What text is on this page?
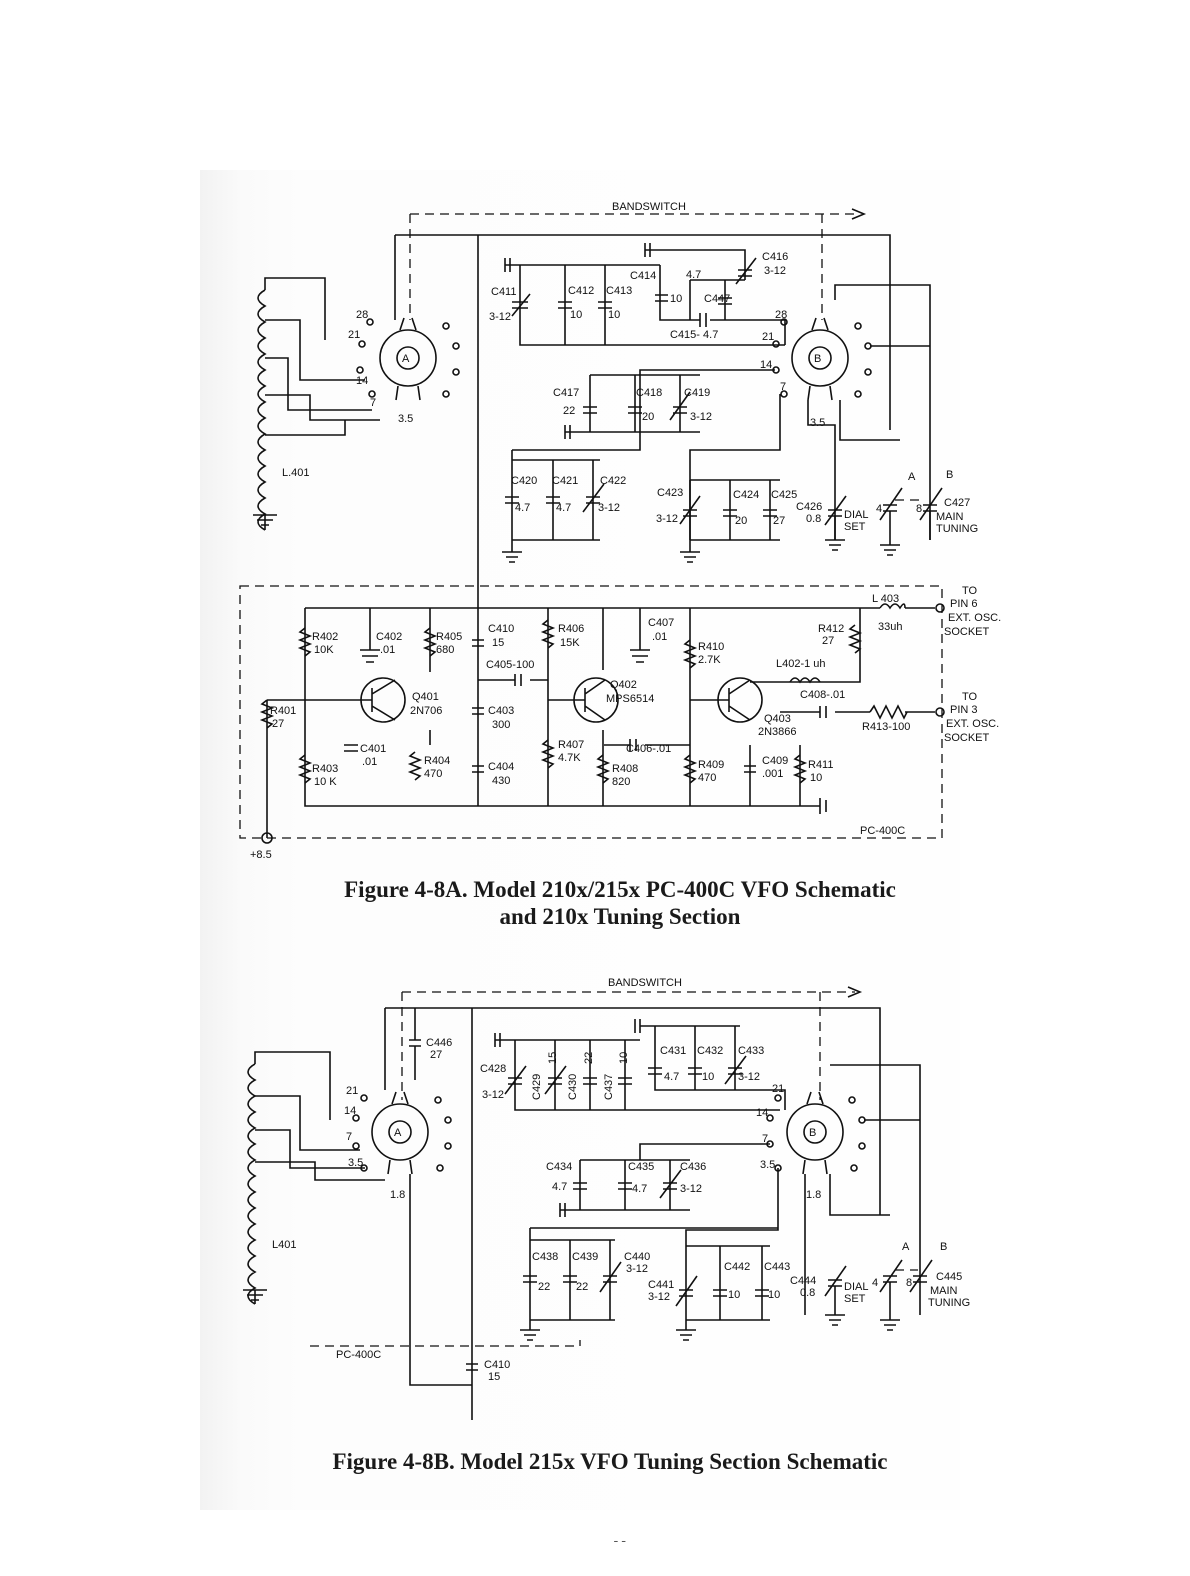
BANDSWITCH
L.401
A
28
21
14
7
3.5
C411
3-12
C412
10
C413
10
C414
10
C416
3-12
C447
4.7
C415- 4.7
B
28
21
14
7
3.5
C417
22
C418
20
C419
3-12
C420
4.7
C421
4.7
C422
3-12
C423
3-12
C424
20
C425
27
C426
0.8 DIAL
SET
A	B
4	8 C427
MAIN
TUNING
PC-400C
R402
10K
C402
.01
R405
680
C410
15
C405-100
R406
15K
C407
.01
R410
2.7K
R412
27
L402-1 uh
L 403
33uh
TO
PIN 6
EXT. OSC.
SOCKET
TO
PIN 3
EXT. OSC.
SOCKET
R401
27
Q401
2N706	C403
300
Q402
MPS6514	C408-.01
R413-100
Q403
2N3866
C401
.01	R404
470
C404
430
R407
4.7K
C406-.01
R403
10 K
R408
820
R409
470
C409
.001
R411
10
+8.5
Figure 4-8A. Model 210x/215x PC-400C VFO Schematic
and 210x Tuning Section
BANDSWITCH
C446
27
L401
A
21
14
7
3.5
1.8
C428
3-12 C429
15
C430
22
C437
10
C431
4.7
C432
10
C433
3-12
B
21
14
7
3.5
1.8
C434
4.7
C435
4.7
C436
3-12
C438
22
C439
22
C440
3-12
C441
3-12
C442
10
C443
10
C444
0.8	DIAL
SET
A	B
4	8 C445
MAIN
TUNING
PC-400C
C410
15
Figure 4-8B. Model 215x VFO Tuning Section Schematic
--
